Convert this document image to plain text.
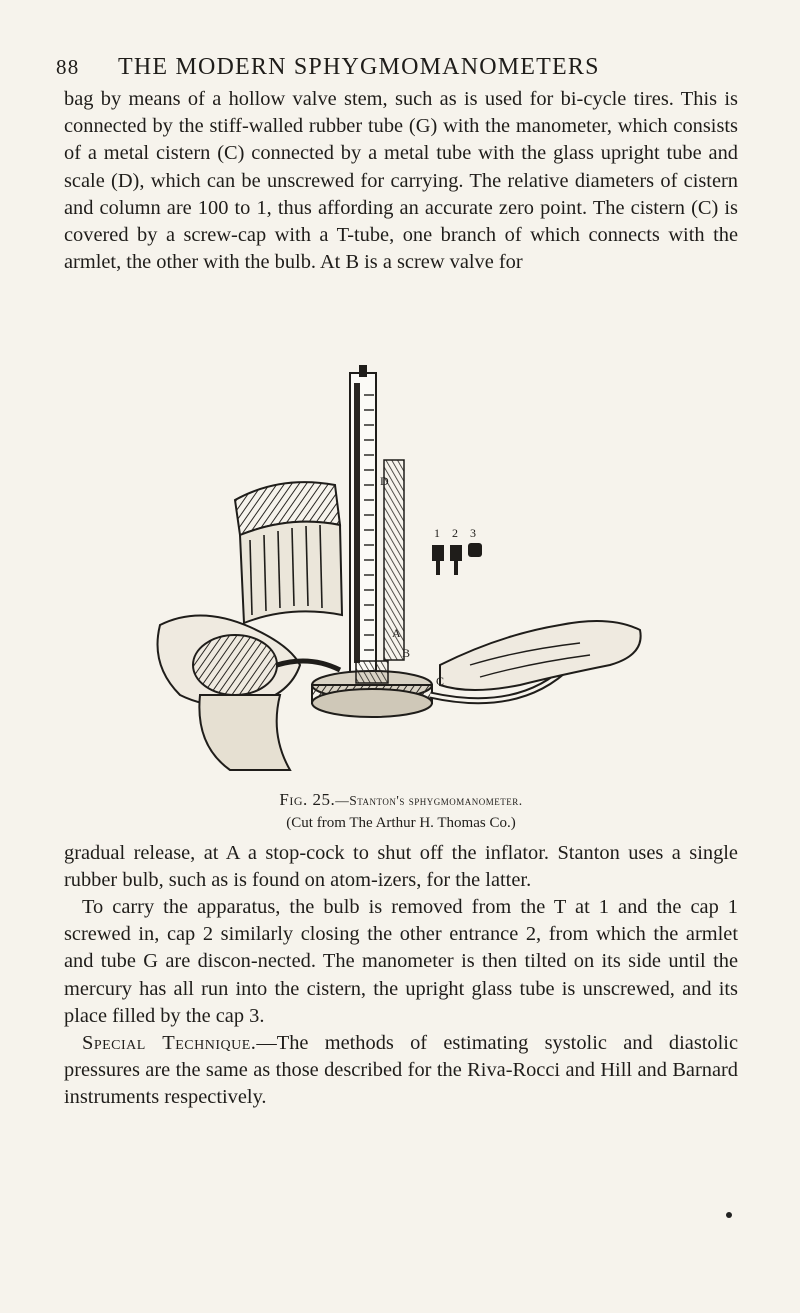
88 THE MODERN SPHYGMOMANOMETERS

bag by means of a hollow valve stem, such as is used for bi-cycle tires. This is connected by the stiff-walled rubber tube (G) with the manometer, which consists of a metal cistern (C) connected by a metal tube with the glass upright tube and scale (D), which can be unscrewed for carrying. The relative diameters of cistern and column are 100 to 1, thus affording an accurate zero point. The cistern (C) is covered by a screw-cap with a T-tube, one branch of which connects with the armlet, the other with the bulb. At B is a screw valve for

D
C
A
B
1 2 3
Fig. 25.—Stanton's sphygmomanometer.
(Cut from The Arthur H. Thomas Co.)

gradual release, at A a stop-cock to shut off the inflator. Stanton uses a single rubber bulb, such as is found on atom-izers, for the latter.

To carry the apparatus, the bulb is removed from the T at 1 and the cap 1 screwed in, cap 2 similarly closing the other entrance 2, from which the armlet and tube G are discon-nected. The manometer is then tilted on its side until the mercury has all run into the cistern, the upright glass tube is unscrewed, and its place filled by the cap 3.

Special Technique.—The methods of estimating systolic and diastolic pressures are the same as those described for the Riva-Rocci and Hill and Barnard instruments respectively.
